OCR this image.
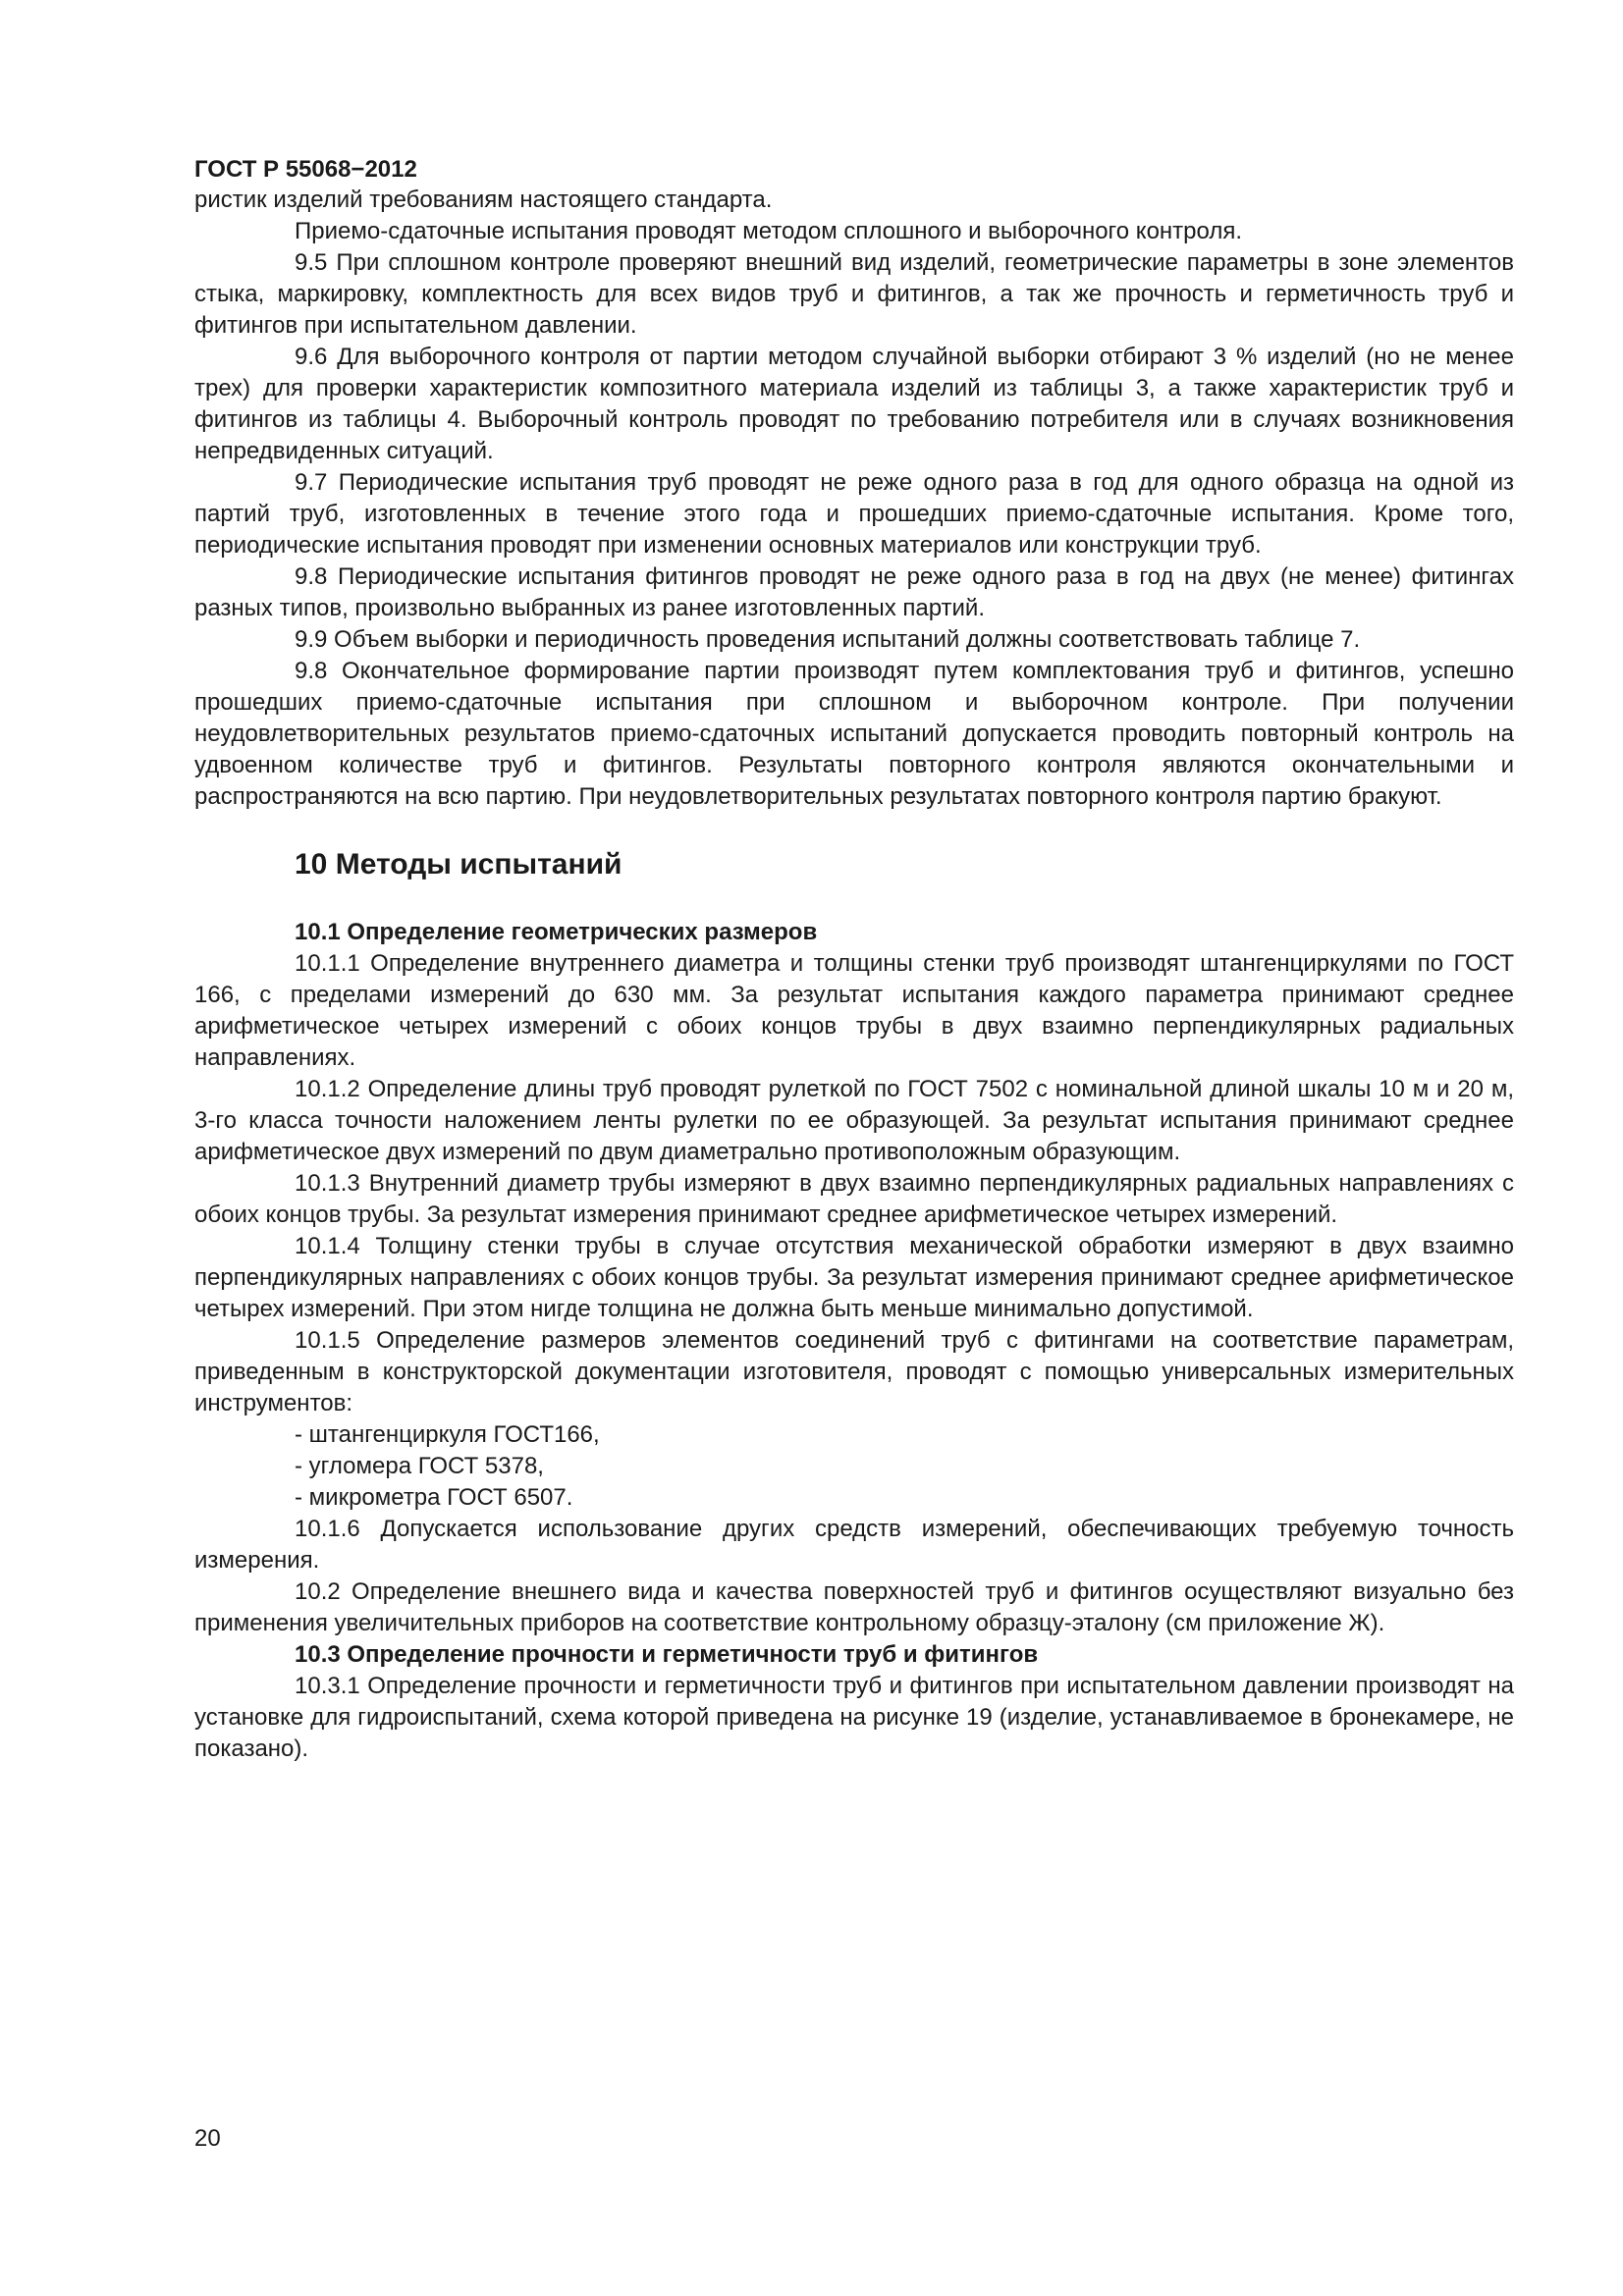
ГОСТ Р 55068−2012

ристик изделий требованиям настоящего стандарта.

Приемо-сдаточные испытания проводят методом сплошного и выборочного контроля.

9.5 При сплошном контроле проверяют внешний вид изделий, геометрические параметры в зоне элементов стыка, маркировку, комплектность для всех видов труб и фитингов, а так же прочность и герметичность труб и фитингов при испытательном давлении.

9.6 Для выборочного контроля от партии методом случайной выборки отбирают 3 % изделий (но не менее трех) для проверки характеристик композитного материала изделий из таблицы 3, а также характеристик труб и фитингов из таблицы 4. Выборочный контроль проводят по требованию потребителя или в случаях возникновения непредвиденных ситуаций.

9.7 Периодические испытания труб проводят не реже одного раза в год для одного образца на одной из партий труб, изготовленных в течение этого года и прошедших приемо-сдаточные испытания. Кроме того, периодические испытания проводят при изменении основных материалов или конструкции труб.

9.8 Периодические испытания фитингов проводят не реже одного раза в год на двух (не менее) фитингах разных типов, произвольно выбранных из ранее изготовленных партий.

9.9 Объем выборки и периодичность проведения испытаний должны соответствовать таблице 7.

9.8 Окончательное формирование партии производят путем комплектования труб и фитингов, успешно прошедших приемо-сдаточные испытания при сплошном и выборочном контроле. При получении неудовлетворительных результатов приемо-сдаточных испытаний допускается проводить повторный контроль на удвоенном количестве труб и фитингов. Результаты повторного контроля являются окончательными и распространяются на всю партию. При неудовлетворительных результатах повторного контроля партию бракуют.

10 Методы испытаний

10.1 Определение геометрических размеров

10.1.1 Определение внутреннего диаметра и толщины стенки труб производят штангенциркулями по ГОСТ 166, с пределами измерений до 630 мм. За результат испытания каждого параметра принимают среднее арифметическое четырех измерений с обоих концов трубы в двух взаимно перпендикулярных радиальных направлениях.

10.1.2 Определение длины труб проводят рулеткой по ГОСТ 7502 с номинальной длиной шкалы 10 м и 20 м, 3-го класса точности наложением ленты рулетки по ее образующей. За результат испытания принимают среднее арифметическое двух измерений по двум диаметрально противоположным образующим.

10.1.3 Внутренний диаметр трубы измеряют в двух взаимно перпендикулярных радиальных направлениях с обоих концов трубы. За результат измерения принимают среднее арифметическое четырех измерений.

10.1.4 Толщину стенки трубы в случае отсутствия механической обработки измеряют в двух взаимно перпендикулярных направлениях с обоих концов трубы. За результат измерения принимают среднее арифметическое четырех измерений. При этом нигде толщина не должна быть меньше минимально допустимой.

10.1.5 Определение размеров элементов соединений труб с фитингами на соответствие параметрам, приведенным в конструкторской документации изготовителя, проводят с помощью универсальных измерительных инструментов:

- штангенциркуля ГОСТ166,

- угломера ГОСТ 5378,

- микрометра ГОСТ 6507.

10.1.6 Допускается использование других средств измерений, обеспечивающих требуемую точность измерения.

10.2 Определение внешнего вида и качества поверхностей труб и фитингов осуществляют визуально без применения увеличительных приборов на соответствие контрольному образцу-эталону (см приложение Ж).

10.3 Определение прочности и герметичности труб и фитингов

10.3.1 Определение прочности и герметичности труб и фитингов при испытательном давлении производят на установке для гидроиспытаний, схема которой приведена на рисунке 19 (изделие, устанавливаемое в бронекамере, не показано).

20
